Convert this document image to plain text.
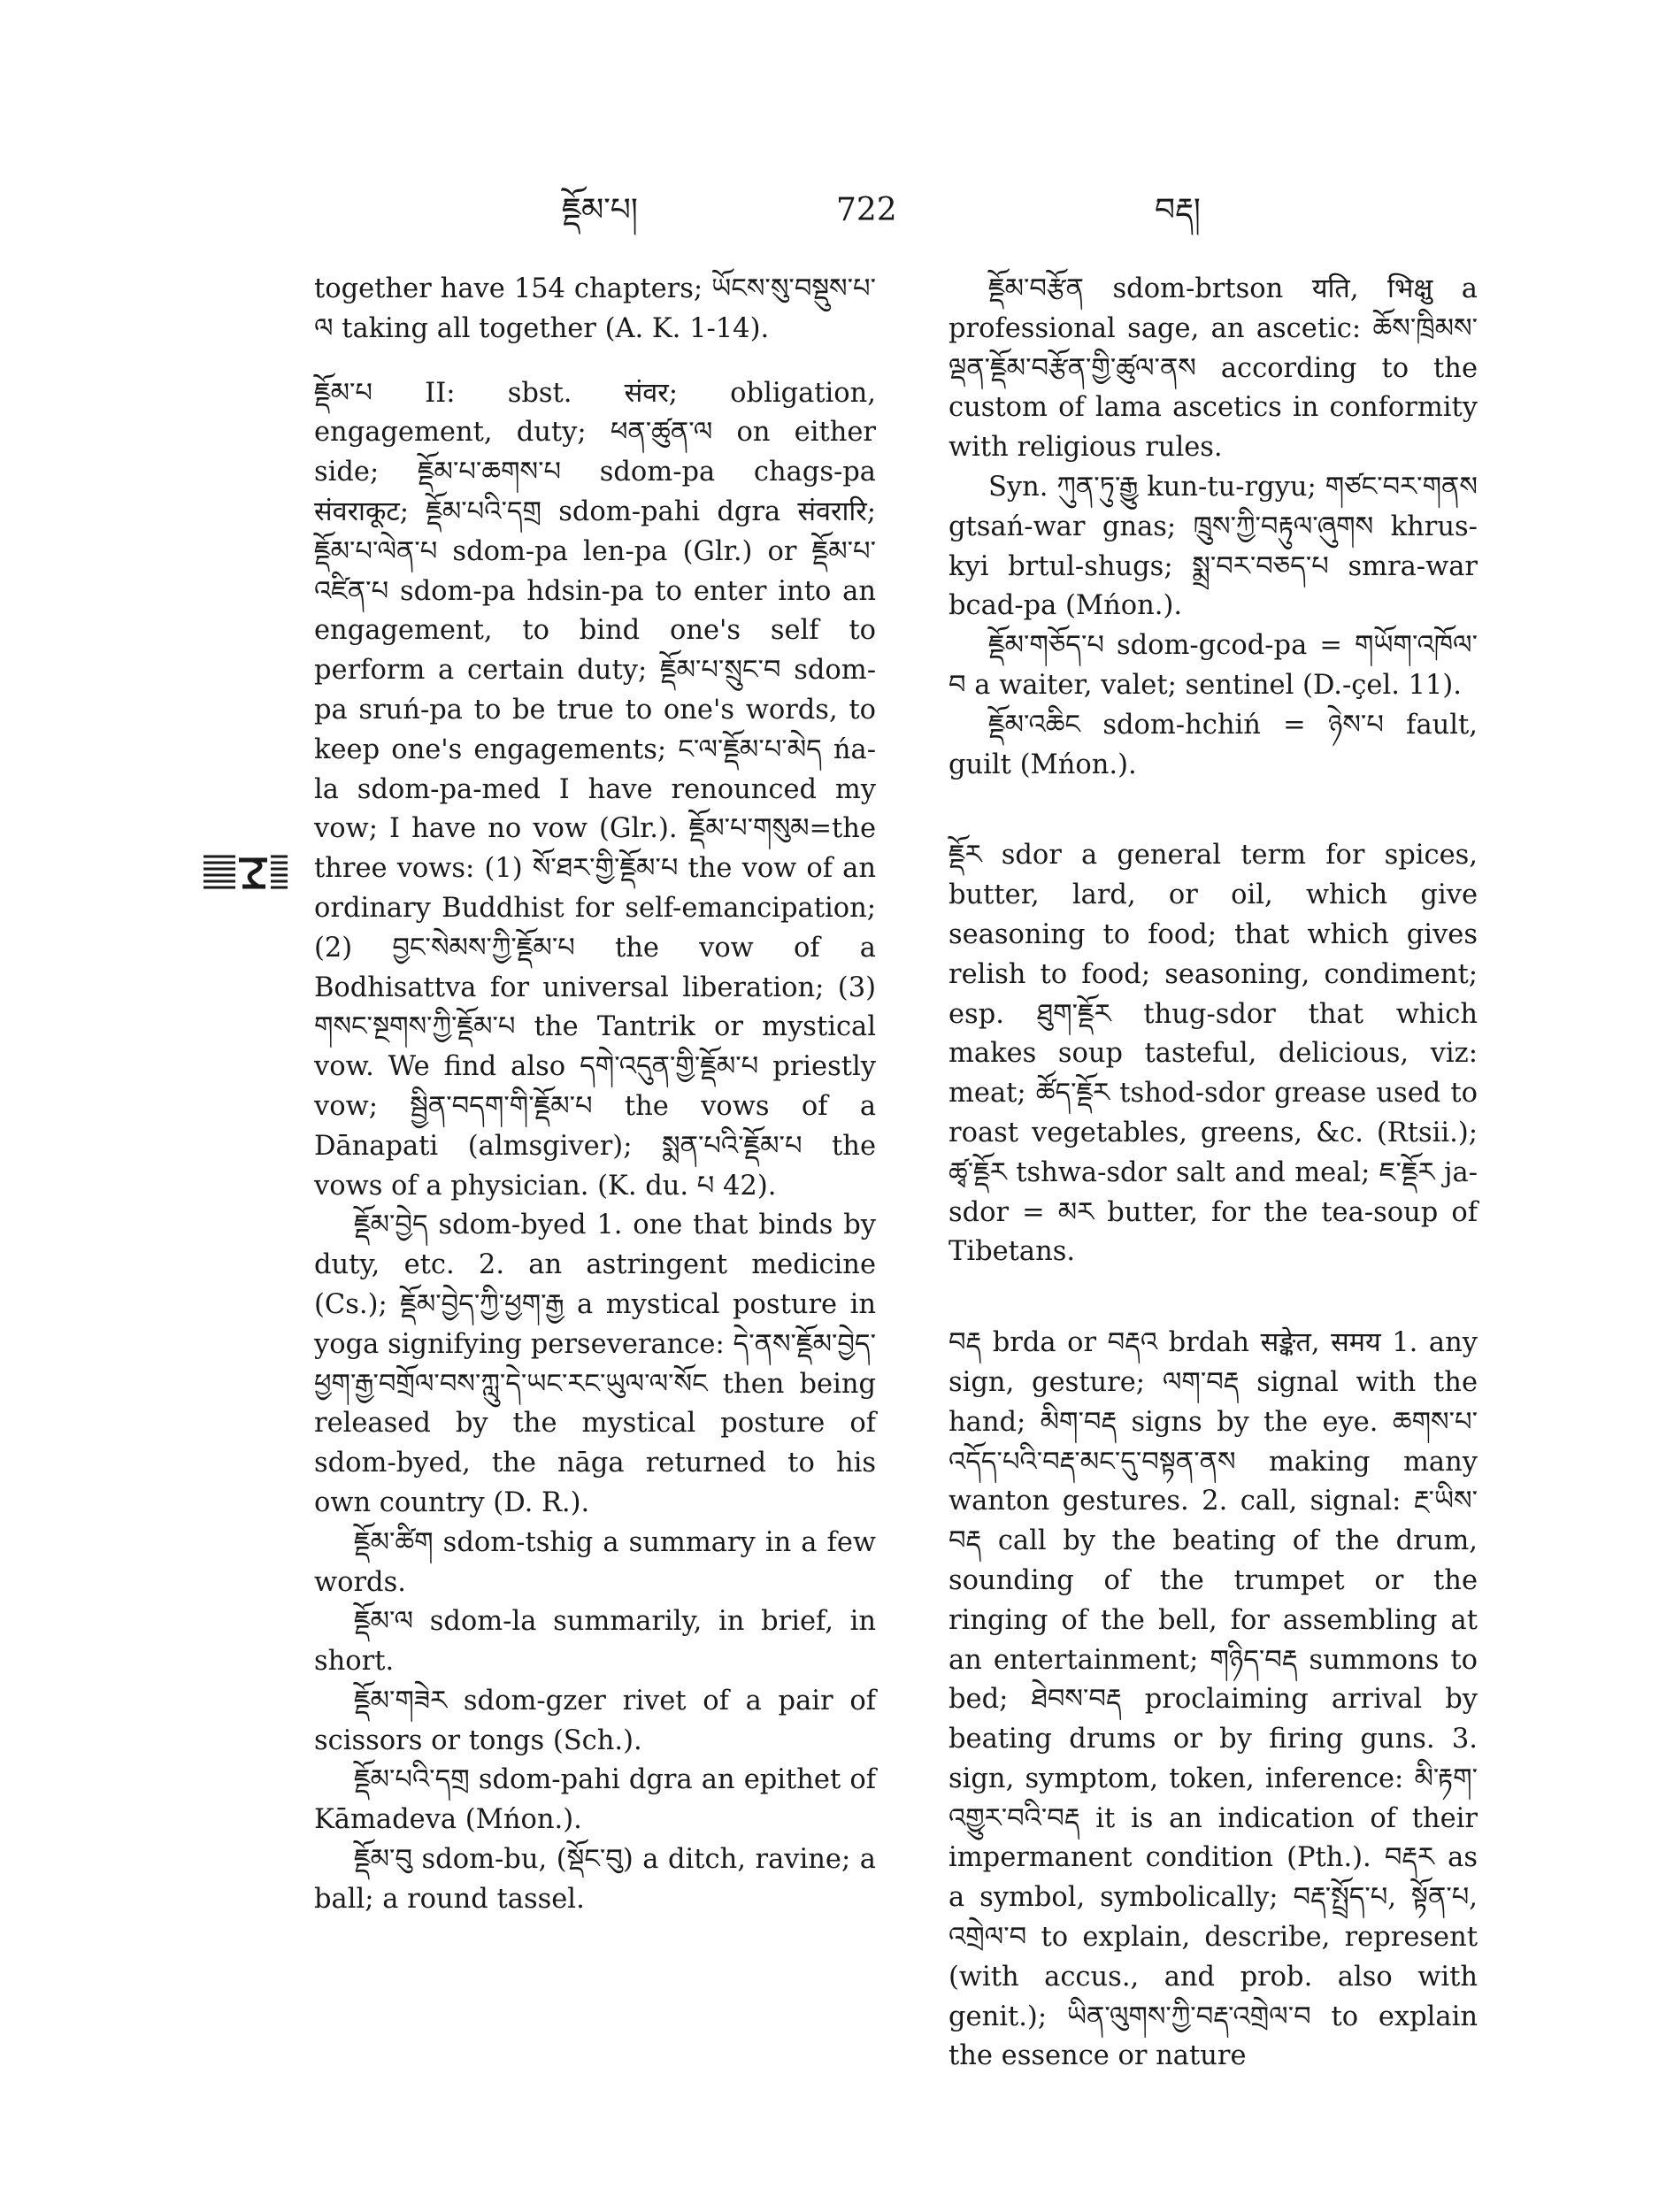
ཇྡོམ་པ།	722	བརྡ།

together have 154 chapters; ཡོངས་སུ་བསྡུས་པ་ལ taking all together (A. K. 1-14).

ཇྡོམ་པ II: sbst. संवर; obligation, engagement, duty; ཕན་ཚུན་ལ on either side; ཇྡོམ་པ་ཆགས་པ sdom-pa chags-pa संवराकूट; ཇྡོམ་པའི་དགྲ sdom-pahi dgra संवरारि; ཇྡོམ་པ་ལེན་པ sdom-pa len-pa (Glr.) or ཇྡོམ་པ་འཛིན་པ sdom-pa hdsin-pa to enter into an engagement, to bind one's self to perform a certain duty; ཇྡོམ་པ་སྲུང་བ sdom-pa sruń-pa to be true to one's words, to keep one's engagements; ང་ལ་ཇྡོམ་པ་མེད ńa-la sdom-pa-med I have renounced my vow; I have no vow (Glr.). ཇྡོམ་པ་གསུམ=the three vows: (1) སོ་ཐར་གྱི་ཇྡོམ་པ the vow of an ordinary Buddhist for self-emancipation; (2) བྱང་སེམས་ཀྱི་ཇྡོམ་པ the vow of a Bodhisattva for universal liberation; (3) གསང་སྔགས་ཀྱི་ཇྡོམ་པ the Tantrik or mystical vow. We find also དགེ་འདུན་གྱི་ཇྡོམ་པ priestly vow; སྦྱིན་བདག་གི་ཇྡོམ་པ the vows of a Dānapati (almsgiver); སྨན་པའི་ཇྡོམ་པ the vows of a physician. (K. du. པ 42).

ཇྡོམ་བྱེད sdom-byed 1. one that binds by duty, etc. 2. an astringent medicine (Cs.); ཇྡོམ་བྱེད་ཀྱི་ཕྱག་རྒྱ a mystical posture in yoga signifying perseverance: དེ་ནས་ཇྡོམ་བྱེད་ཕྱག་རྒྱ་བགྲོལ་བས་ཀླུ་དེ་ཡང་རང་ཡུལ་ལ་སོང then being released by the mystical posture of sdom-byed, the nāga returned to his own country (D. R.).

ཇྡོམ་ཚིག sdom-tshig a summary in a few words.

ཇྡོམ་ལ sdom-la summarily, in brief, in short.

ཇྡོམ་གཟེར sdom-gzer rivet of a pair of scissors or tongs (Sch.).

ཇྡོམ་པའི་དགྲ sdom-pahi dgra an epithet of Kāmadeva (Mńon.).

ཇྡོམ་བུ sdom-bu, (སྡོང་བུ) a ditch, ravine; a ball; a round tassel.

ཇྡོམ་བརྩོན sdom-brtson यति, भिक्षु a professional sage, an ascetic: ཆོས་ཁྲིམས་ལྡན་ཇྡོམ་བརྩོན་གྱི་ཚུལ་ནས according to the custom of lama ascetics in conformity with religious rules.

Syn. ཀུན་ཏུ་རྒྱུ kun-tu-rgyu; གཙང་བར་གནས gtsań-war gnas; ཁྲུས་ཀྱི་བརྟུལ་ཞུགས khrus-kyi brtul-shugs; སྨྲ་བར་བཅད་པ smra-war bcad-pa (Mńon.).

ཇྡོམ་གཅོད་པ sdom-gcod-pa = གཡོག་འཁོལ་བ a waiter, valet; sentinel (D.-çel. 11).

ཇྡོམ་འཆིང sdom-hchiń = ཉེས་པ fault, guilt (Mńon.).

ཇྡོར sdor a general term for spices, butter, lard, or oil, which give seasoning to food; that which gives relish to food; seasoning, condiment; esp. ཐུག་ཇྡོར thug-sdor that which makes soup tasteful, delicious, viz: meat; ཚོད་ཇྡོར tshod-sdor grease used to roast vegetables, greens, &c. (Rtsii.); ཚྭ་ཇྡོར tshwa-sdor salt and meal; ཇ་ཇྡོར ja-sdor = མར butter, for the tea-soup of Tibetans.

བརྡ brda or བརྡའ brdah सङ्केत, समय 1. any sign, gesture; ལག་བརྡ signal with the hand; མིག་བརྡ signs by the eye. ཆགས་པ་འདོད་པའི་བརྡ་མང་དུ་བསྟན་ནས making many wanton gestures. 2. call, signal: རྔ་ཡིས་བརྡ call by the beating of the drum, sounding of the trumpet or the ringing of the bell, for assembling at an entertainment; གཉིད་བརྡ summons to bed; ཐེབས་བརྡ proclaiming arrival by beating drums or by firing guns. 3. sign, symptom, token, inference: མི་རྟག་འགྱུར་བའི་བརྡ it is an indication of their impermanent condition (Pth.). བརྡར as a symbol, symbolically; བརྡ་སྤྲོད་པ, སྟོན་པ, འགྲེལ་བ to explain, describe, represent (with accus., and prob. also with genit.); ཡིན་ལུགས་ཀྱི་བརྡ་འགྲེལ་བ to explain the essence or nature
